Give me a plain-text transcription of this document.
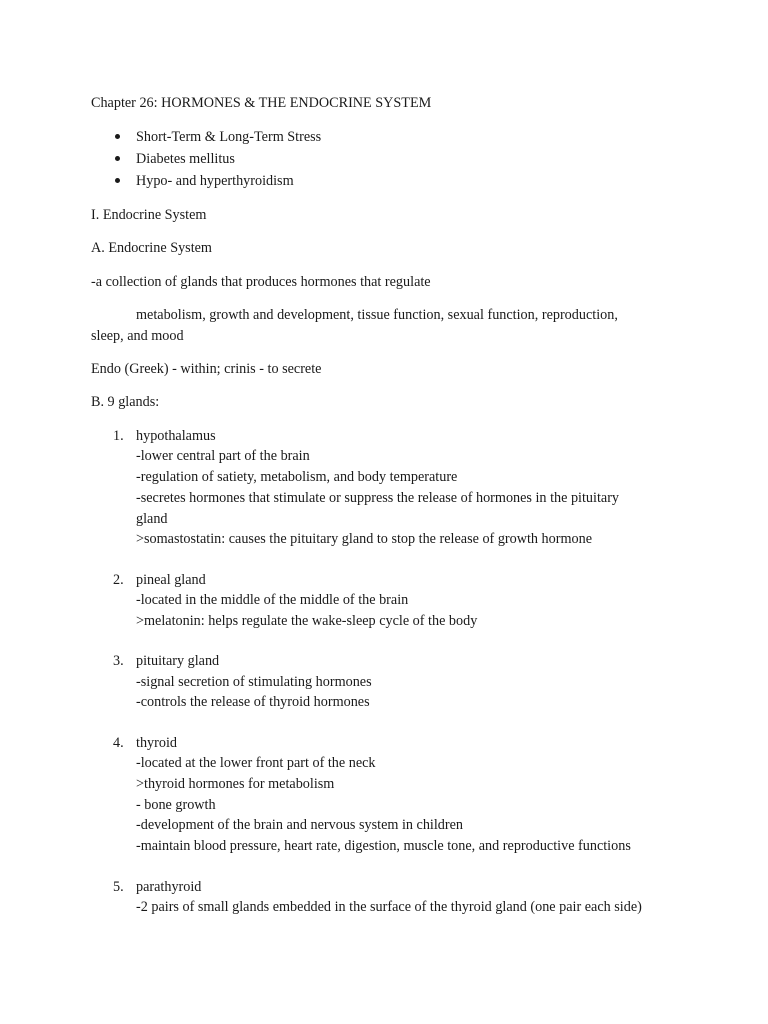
Chapter 26: HORMONES & THE ENDOCRINE SYSTEM
Short-Term & Long-Term Stress
Diabetes mellitus
Hypo- and hyperthyroidism
I. Endocrine System
A. Endocrine System
-a collection of glands that produces hormones that regulate
metabolism, growth and development, tissue function, sexual function, reproduction,
sleep, and mood
Endo (Greek) - within; crinis - to secrete
B. 9 glands:
1. hypothalamus
-lower central part of the brain
-regulation of satiety, metabolism, and body temperature
-secretes hormones that stimulate or suppress the release of hormones in the pituitary
gland
>somastostatin: causes the pituitary gland to stop the release of growth hormone
2. pineal gland
-located in the middle of the middle of the brain
>melatonin: helps regulate the wake-sleep cycle of the body
3. pituitary gland
-signal secretion of stimulating hormones
-controls the release of thyroid hormones
4. thyroid
-located at the lower front part of the neck
>thyroid hormones for metabolism
- bone growth
-development of the brain and nervous system in children
-maintain blood pressure, heart rate, digestion, muscle tone, and reproductive functions
5. parathyroid
-2 pairs of small glands embedded in the surface of the thyroid gland (one pair each side)
